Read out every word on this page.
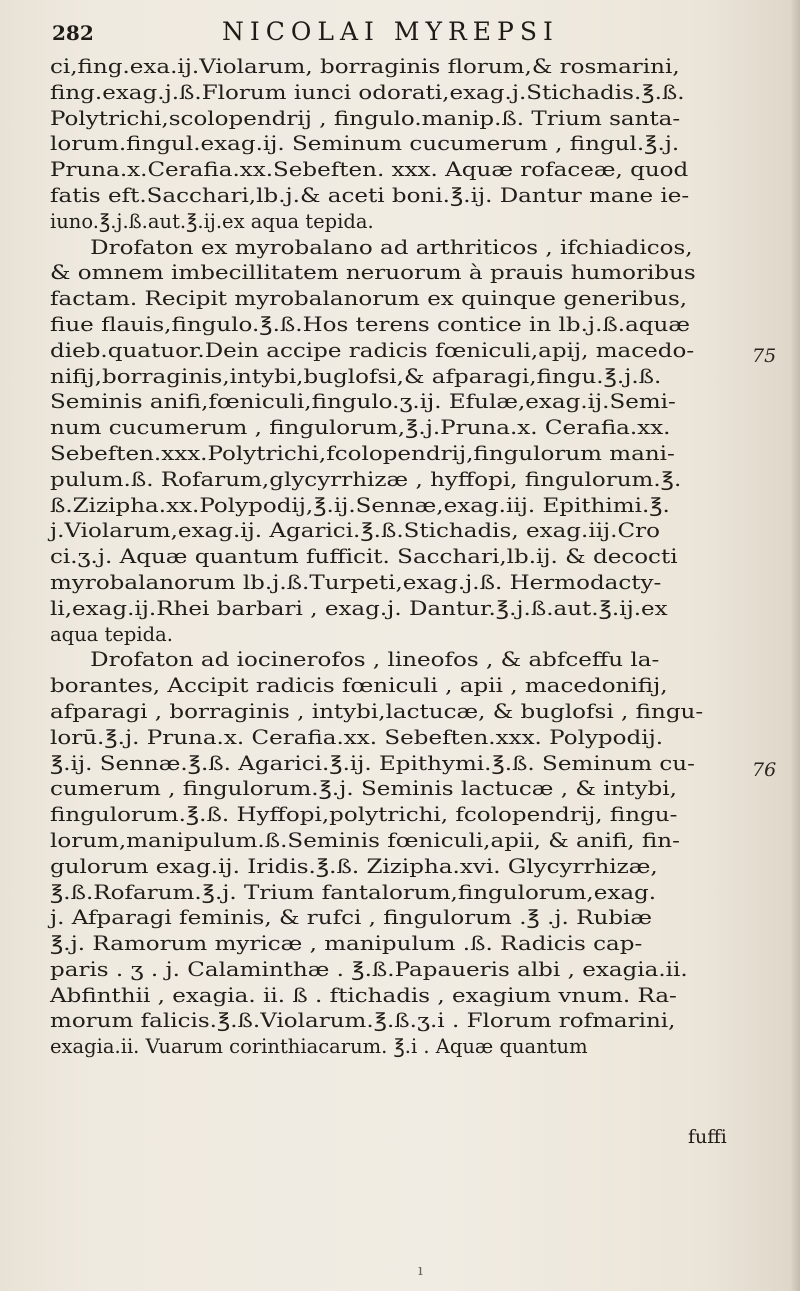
282	NICOLAI MYREPSI
ci,fing.exa.ij.Violarum, borraginis florum,& rosmarini,
fing.exag.j.ß.Florum iunci odorati,exag.j.Stichadis.℥.ß.
Polytrichi,scolopendrij , fingulo.manip.ß. Trium santa-
lorum.fingul.exag.ij. Seminum cucumerum , fingul.℥.j.
Pruna.x.Cerafia.xx.Sebeften. xxx. Aquæ rofaceæ, quod
fatis eft.Sacchari,lb.j.& aceti boni.℥.ij. Dantur mane ie-
iuno.℥.j.ß.aut.℥.ij.ex aqua tepida.
Drofaton ex myrobalano ad arthriticos , ifchiadicos,
& omnem imbecillitatem neruorum à prauis humoribus
factam. Recipit myrobalanorum ex quinque generibus,
fiue flauis,fingulo.℥.ß.Hos terens contice in lb.j.ß.aquæ
dieb.quatuor.Dein accipe radicis fœniculi,apij, macedo-
nifij,borraginis,intybi,buglofsi,& afparagi,fingu.℥.j.ß.
Seminis anifi,fœniculi,fingulo.ʒ.ij. Efulæ,exag.ij.Semi-
num cucumerum , fingulorum,℥.j.Pruna.x. Cerafia.xx.
Sebeften.xxx.Polytrichi,fcolopendrij,fingulorum mani-
pulum.ß. Rofarum,glycyrrhizæ , hyffopi, fingulorum.℥.
ß.Zizipha.xx.Polypodij,℥.ij.Sennæ,exag.iij. Epithimi.℥.
j.Violarum,exag.ij. Agarici.℥.ß.Stichadis, exag.iij.Cro
ci.ʒ.j. Aquæ quantum fufficit. Sacchari,lb.ij. & decocti
myrobalanorum lb.j.ß.Turpeti,exag.j.ß. Hermodacty-
li,exag.ij.Rhei barbari , exag.j. Dantur.℥.j.ß.aut.℥.ij.ex
aqua tepida.
Drofaton ad iocinerofos , lineofos , & abfceffu la-
borantes, Accipit radicis fœniculi , apii , macedonifij,
afparagi , borraginis , intybi,lactucæ, & buglofsi , fingu-
lorū.℥.j. Pruna.x. Cerafia.xx. Sebeften.xxx. Polypodij.
℥.ij. Sennæ.℥.ß. Agarici.℥.ij. Epithymi.℥.ß. Seminum cu-
cumerum , fingulorum.℥.j. Seminis lactucæ , & intybi,
fingulorum.℥.ß. Hyffopi,polytrichi, fcolopendrij, fingu-
lorum,manipulum.ß.Seminis fœniculi,apii, & anifi, fin-
gulorum exag.ij. Iridis.℥.ß. Zizipha.xvi. Glycyrrhizæ,
℥.ß.Rofarum.℥.j. Trium fantalorum,fingulorum,exag.
j. Afparagi feminis, & rufci , fingulorum .℥ .j. Rubiæ
℥.j. Ramorum myricæ , manipulum .ß. Radicis cap-
paris . ʒ . j. Calaminthæ . ℥.ß.Papaueris albi , exagia.ii.
Abfinthii , exagia. ii. ß . ftichadis , exagium vnum. Ra-
morum falicis.℥.ß.Violarum.℥.ß.ʒ.i . Florum rofmarini,
exagia.ii. Vuarum corinthiacarum. ℥.i . Aquæ quantum
75
76
fuffi
ı
